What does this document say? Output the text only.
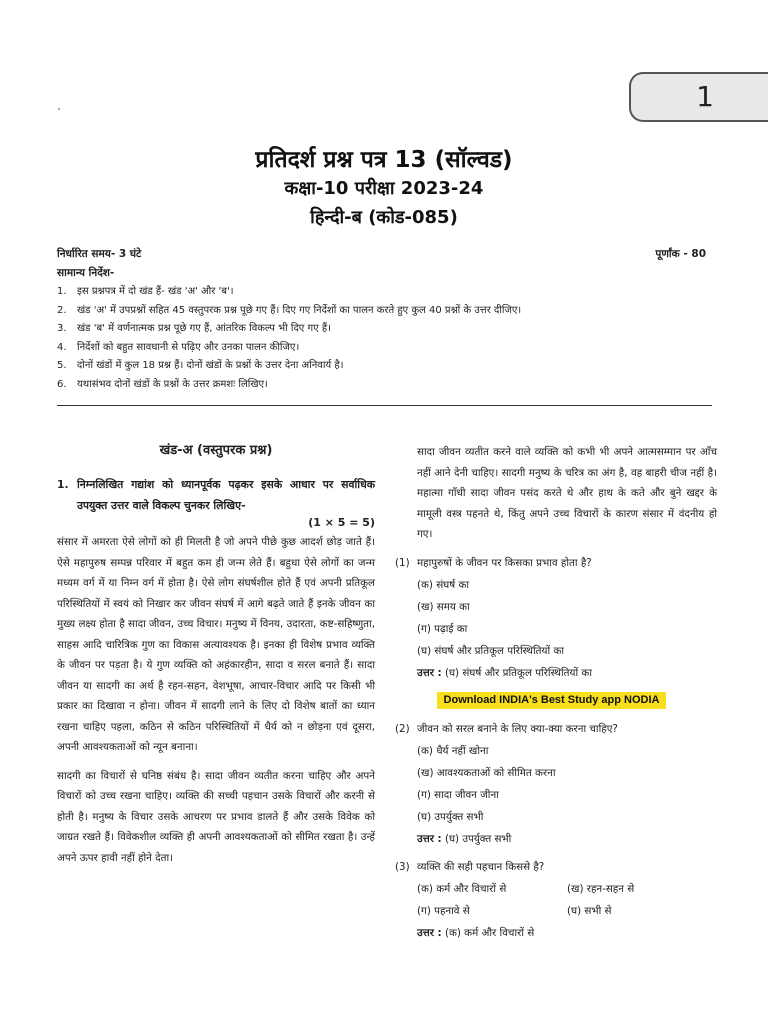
1
प्रतिदर्श प्रश्न पत्र 13 (सॉल्वड)
कक्षा-10 परीक्षा 2023-24
हिन्दी-ब (कोड-085)
निर्धारित समय- 3 घंटे	पूर्णांक - 80
सामान्य निर्देश-
1. इस प्रश्नपत्र में दो खंड हैं- खंड 'अ' और 'ब'।
2. खंड 'अ' में उपप्रश्नों सहित 45 वस्तुपरक प्रश्न पूछे गए हैं। दिए गए निर्देशों का पालन करते हुए कुल 40 प्रश्नों के उत्तर दीजिए।
3. खंड 'ब' में वर्णनात्मक प्रश्न पूछे गए हैं, आंतरिक विकल्प भी दिए गए हैं।
4. निर्देशों को बहुत सावधानी से पढ़िए और उनका पालन कीजिए।
5. दोनों खंडों में कुल 18 प्रश्न हैं। दोनों खंडों के प्रश्नों के उत्तर देना अनिवार्य है।
6. यथासंभव दोनों खंडों के प्रश्नों के उत्तर क्रमशः लिखिए।
खंड-अ (वस्तुपरक प्रश्न)
1. निम्नलिखित गद्यांश को ध्यानपूर्वक पढ़कर इसके आधार पर सर्वाधिक उपयुक्त उत्तर वाले विकल्प चुनकर लिखिए-
(1 × 5 = 5)

संसार में अमरता ऐसे लोगों को ही मिलती है जो अपने पीछे कुछ आदर्श छोड़ जाते हैं। ऐसे महापुरुष सम्पन्न परिवार में बहुत कम ही जन्म लेते हैं। बहुधा ऐसे लोगों का जन्म मध्यम वर्ग में या निम्न वर्ग में होता है। ऐसे लोग संघर्षशील होते हैं एवं अपनी प्रतिकूल परिस्थितियों में स्वयं को निखार कर जीवन संघर्ष में आगे बढ़ते जाते हैं इनके जीवन का मुख्य लक्ष्य होता है सादा जीवन, उच्च विचार। मनुष्य में विनय, उदारता, कष्ट-सहिष्णुता, साहस आदि चारित्रिक गुण का विकास अत्यावश्यक है। इनका ही विशेष प्रभाव व्यक्ति के जीवन पर पड़ता है। ये गुण व्यक्ति को अहंकारहीन, सादा व सरल बनाते हैं। सादा जीवन या सादगी का अर्थ है रहन-सहन, वेशभूषा, आचार-विचार आदि पर किसी भी प्रकार का दिखावा न होना। जीवन में सादगी लाने के लिए दो विशेष बातों का ध्यान रखना चाहिए पहला, कठिन से कठिन परिस्थितियों में धैर्य को न छोड़ना एवं दूसरा, अपनी आवश्यकताओं को न्यून बनाना।

सादगी का विचारों से घनिष्ठ संबंध है। सादा जीवन व्यतीत करना चाहिए और अपने विचारों को उच्च रखना चाहिए। व्यक्ति की सच्ची पहचान उसके विचारों और करनी से होती है। मनुष्य के विचार उसके आचरण पर प्रभाव डालते हैं और उसके विवेक को जाग्रत रखते हैं। विवेकशील व्यक्ति ही अपनी आवश्यकताओं को सीमित रखता है। उन्हें अपने ऊपर हावी नहीं होने देता।

सादा जीवन व्यतीत करने वाले व्यक्ति को कभी भी अपने आत्मसम्मान पर आँच नहीं आने देनी चाहिए। सादगी मनुष्य के चरित्र का अंग है, वह बाहरी चीज नहीं है। महात्मा गाँधी सादा जीवन पसंद करते थे और हाथ के कते और बुने खद्दर के मामूली वस्त्र पहनते थे, किंतु अपने उच्च विचारों के कारण संसार में वंदनीय हो गए।

(1) महापुरुषों के जीवन पर किसका प्रभाव होता है?
(क) संघर्ष का
(ख) समय का
(ग) पढ़ाई का
(घ) संघर्ष और प्रतिकूल परिस्थितियों का
उत्तर : (घ) संघर्ष और प्रतिकूल परिस्थितियों का
Download INDIA's Best Study app NODIA
(2) जीवन को सरल बनाने के लिए क्या-क्या करना चाहिए?
(क) धैर्य नहीं खोना
(ख) आवश्यकताओं को सीमित करना
(ग) सादा जीवन जीना
(घ) उपर्युक्त सभी
उत्तर : (घ) उपर्युक्त सभी
(3) व्यक्ति की सही पहचान किससे है?
(क) कर्म और विचारों से	(ख) रहन-सहन से
(ग) पहनावे से	(घ) सभी से
उत्तर : (क) कर्म और विचारों से
